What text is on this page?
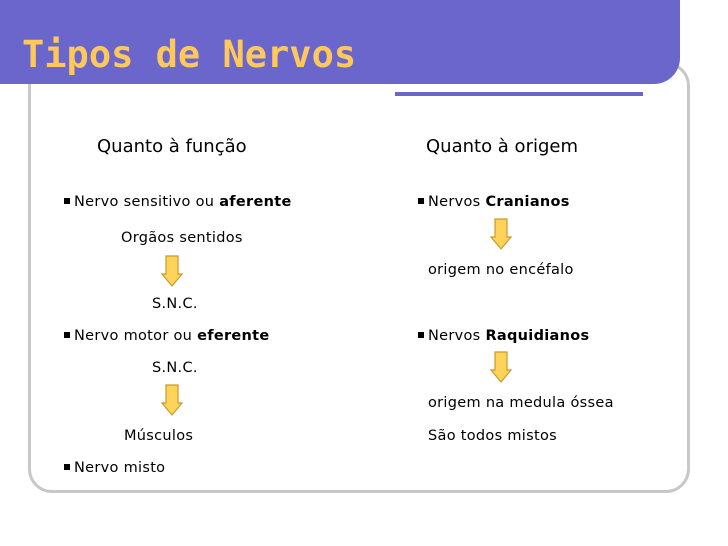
Tipos de Nervos
Quanto à função
Nervo sensitivo ou aferente
Orgãos sentidos
S.N.C.
Nervo motor ou eferente
S.N.C.
Músculos
Nervo misto
Quanto à origem
Nervos Cranianos
origem no encéfalo
Nervos Raquidianos
origem na medula óssea
São todos mistos
